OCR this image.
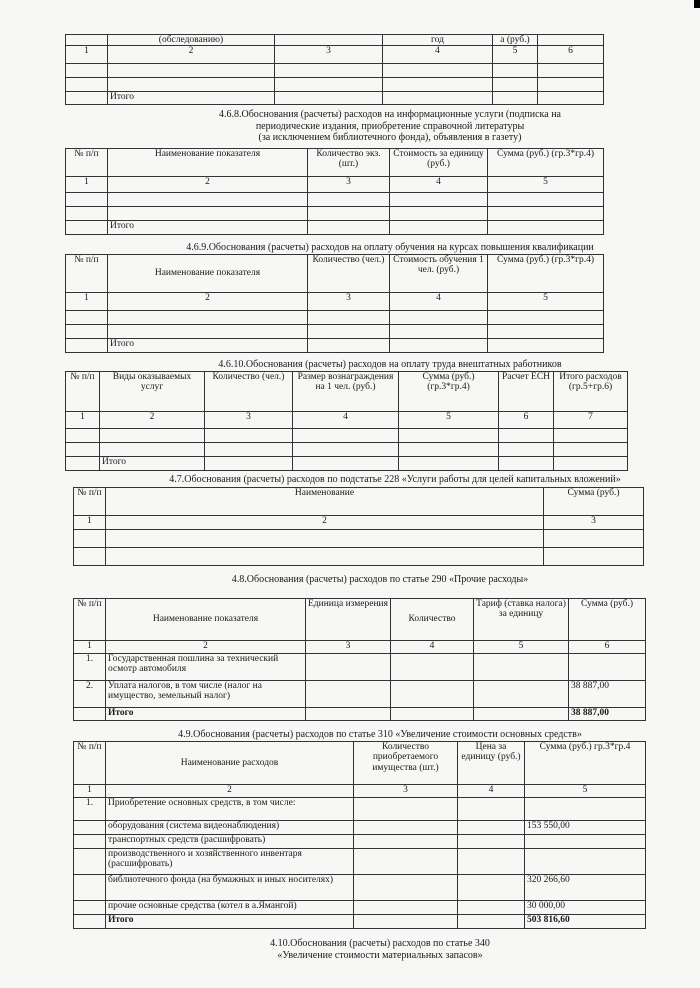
	(обследованию)		год	а (руб.)	
1	2	3	4	5	6

	Итого				
4.6.8.Обоснования (расчеты) расходов на информационные услуги (подписка на
периодические издания, приобретение справочной литературы
(за исключением библиотечного фонда), объявления в газету)
№ п/п	Наименование показателя	Количество экз. (шт.)	Стоимость за единицу (руб.)	Сумма (руб.) (гр.3*гр.4)
1	2	3	4	5

	Итого			
4.6.9.Обоснования (расчеты) расходов на оплату обучения на курсах повышения квалификации
№ п/п	Наименование показателя	Количество (чел.)	Стоимость обучения 1 чел. (руб.)	Сумма (руб.) (гр.3*гр.4)
1	2	3	4	5

	Итого			
4.6.10.Обоснования (расчеты) расходов на оплату труда внештатных работников
№ п/п	Виды оказываемых услуг	Количество (чел.)	Размер вознаграждения на 1 чел. (руб.)	Сумма (руб.) (гр.3*гр.4)	Расчет ЕСН	Итого расходов (гр.5+гр.6)
1	2	3	4	5	6	7

	Итого					
4.7.Обоснования (расчеты) расходов по подстатье 228 «Услуги работы для целей капитальных вложений»
№ п/п	Наименование	Сумма (руб.)
1	2	3

4.8.Обоснования (расчеты) расходов по статье 290 «Прочие расходы»
№ п/п	Наименование показателя	Единица измерения	Количество	Тариф (ставка налога) за единицу	Сумма (руб.)
1	2	3	4	5	6
1.	Государственная пошлина за технический осмотр автомобиля				
2.	Уплата налогов, в том числе (налог на имущество, земельный налог)				38 887,00
	Итого				38 887,00
4.9.Обоснования (расчеты) расходов по статье 310 «Увеличение стоимости основных средств»
№ п/п	Наименование расходов	Количество приобретаемого имущества (шт.)	Цена за единицу (руб.)	Сумма (руб.) гр.3*гр.4
1	2	3	4	5
1.	Приобретение основных средств, в том числе:			
	оборудования (система видеонаблюдения)			153 550,00
	транспортных средств (расшифровать)			
	производственного и хозяйственного инвентаря (расшифровать)			
	библиотечного фонда (на бумажных и иных носителях)			320 266,60
	прочие основные средства (котел в а.Ямангой)			30 000,00
	Итого			503 816,60
4.10.Обоснования (расчеты) расходов по статье 340
«Увеличение стоимости материальных запасов»
